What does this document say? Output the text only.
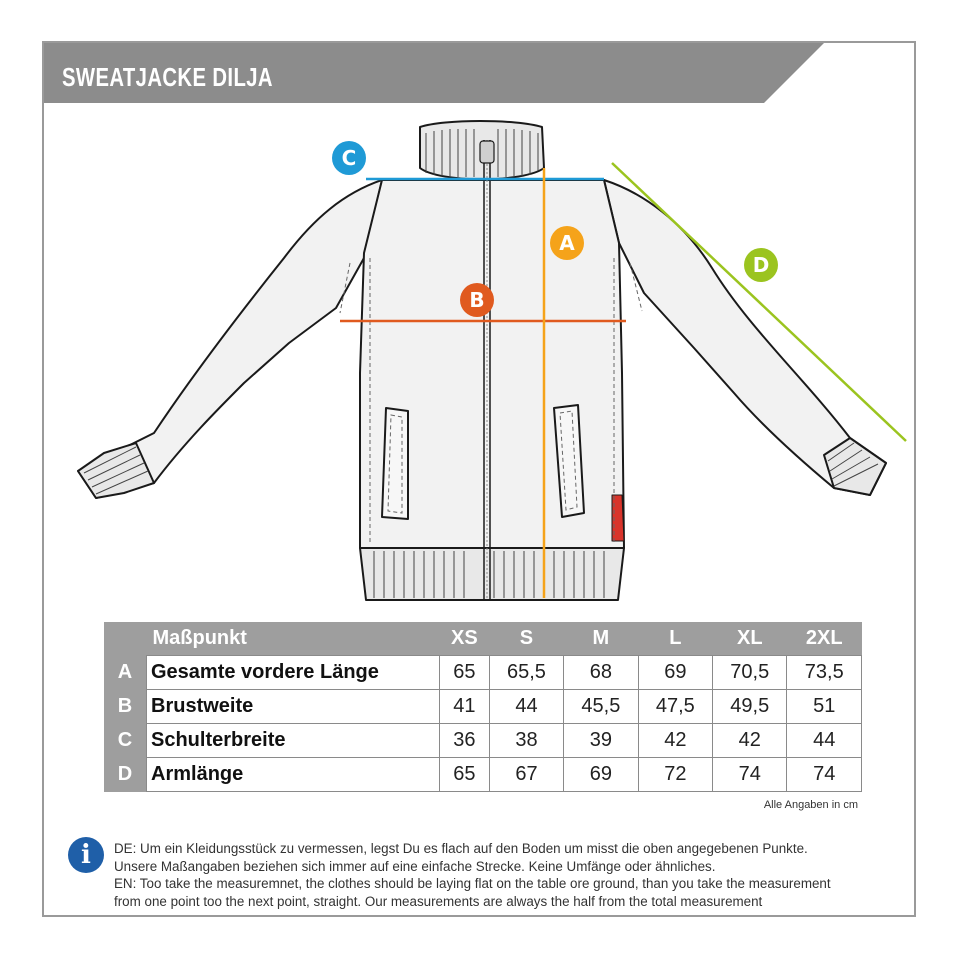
SWEATJACKE DILJA
C
A
B
D
	Maßpunkt	XS	S	M	L	XL	2XL
A	Gesamte vordere Länge	65	65,5	68	69	70,5	73,5
B	Brustweite	41	44	45,5	47,5	49,5	51
C	Schulterbreite	36	38	39	42	42	44
D	Armlänge	65	67	69	72	74	74
Alle Angaben in cm
i	DE: Um ein Kleidungsstück zu vermessen, legst Du es flach auf den Boden um misst die oben angegebenen Punkte.
Unsere Maßangaben beziehen sich immer auf eine einfache Strecke. Keine Umfänge oder ähnliches.
EN: Too take the measuremnet, the clothes should be laying flat on the table ore ground, than you take the measurement
from one point too the next point, straight. Our measurements are always the half from the total measurement
